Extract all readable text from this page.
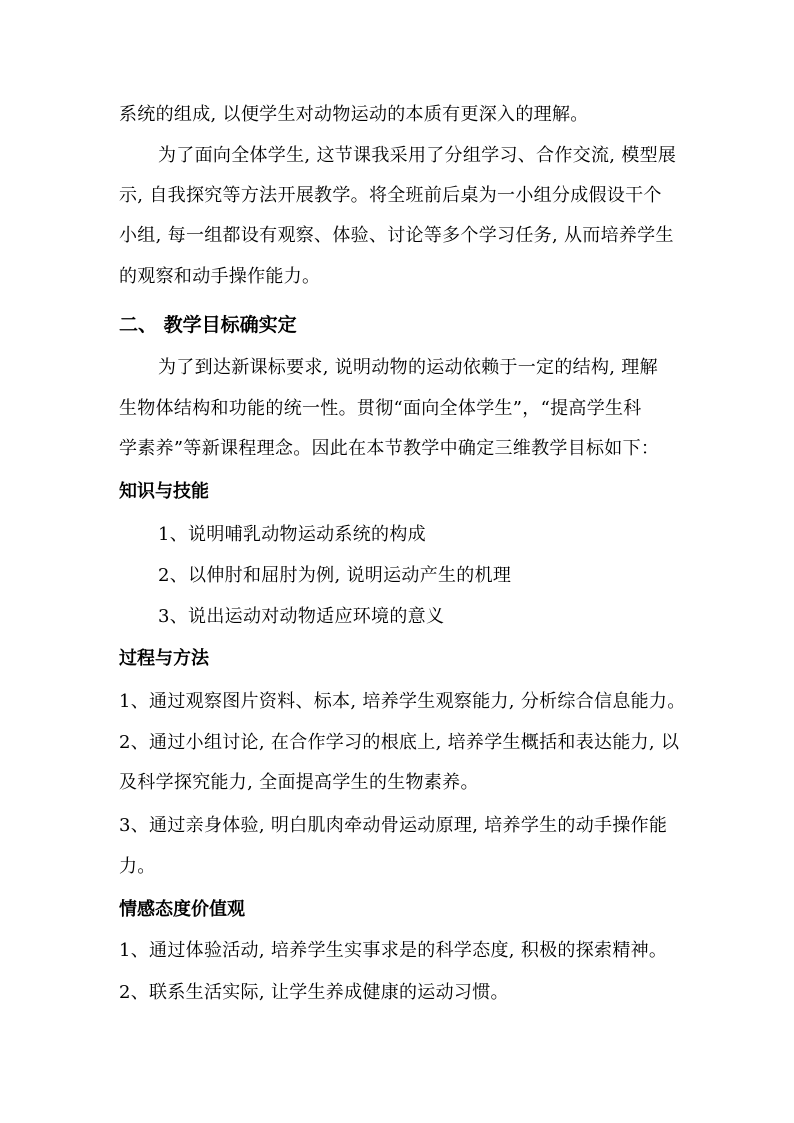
系统的组成, 以便学生对动物运动的本质有更深入的理解。
为了面向全体学生, 这节课我采用了分组学习、合作交流, 模型展
示, 自我探究等方法开展教学。将全班前后桌为一小组分成假设干个
小组, 每一组都设有观察、体验、讨论等多个学习任务, 从而培养学生
的观察和动手操作能力。
二、 教学目标确实定
为了到达新课标要求, 说明动物的运动依赖于一定的结构, 理解
生物体结构和功能的统一性。贯彻“面向全体学生”，“提高学生科
学素养”等新课程理念。因此在本节教学中确定三维教学目标如下：
知识与技能
1、说明哺乳动物运动系统的构成
2、以伸肘和屈肘为例, 说明运动产生的机理
3、说出运动对动物适应环境的意义
过程与方法
1、通过观察图片资料、标本, 培养学生观察能力, 分析综合信息能力。
2、通过小组讨论, 在合作学习的根底上, 培养学生概括和表达能力, 以
及科学探究能力, 全面提高学生的生物素养。
3、通过亲身体验, 明白肌肉牵动骨运动原理, 培养学生的动手操作能
力。
情感态度价值观
1、通过体验活动, 培养学生实事求是的科学态度, 积极的探索精神。
2、联系生活实际, 让学生养成健康的运动习惯。
